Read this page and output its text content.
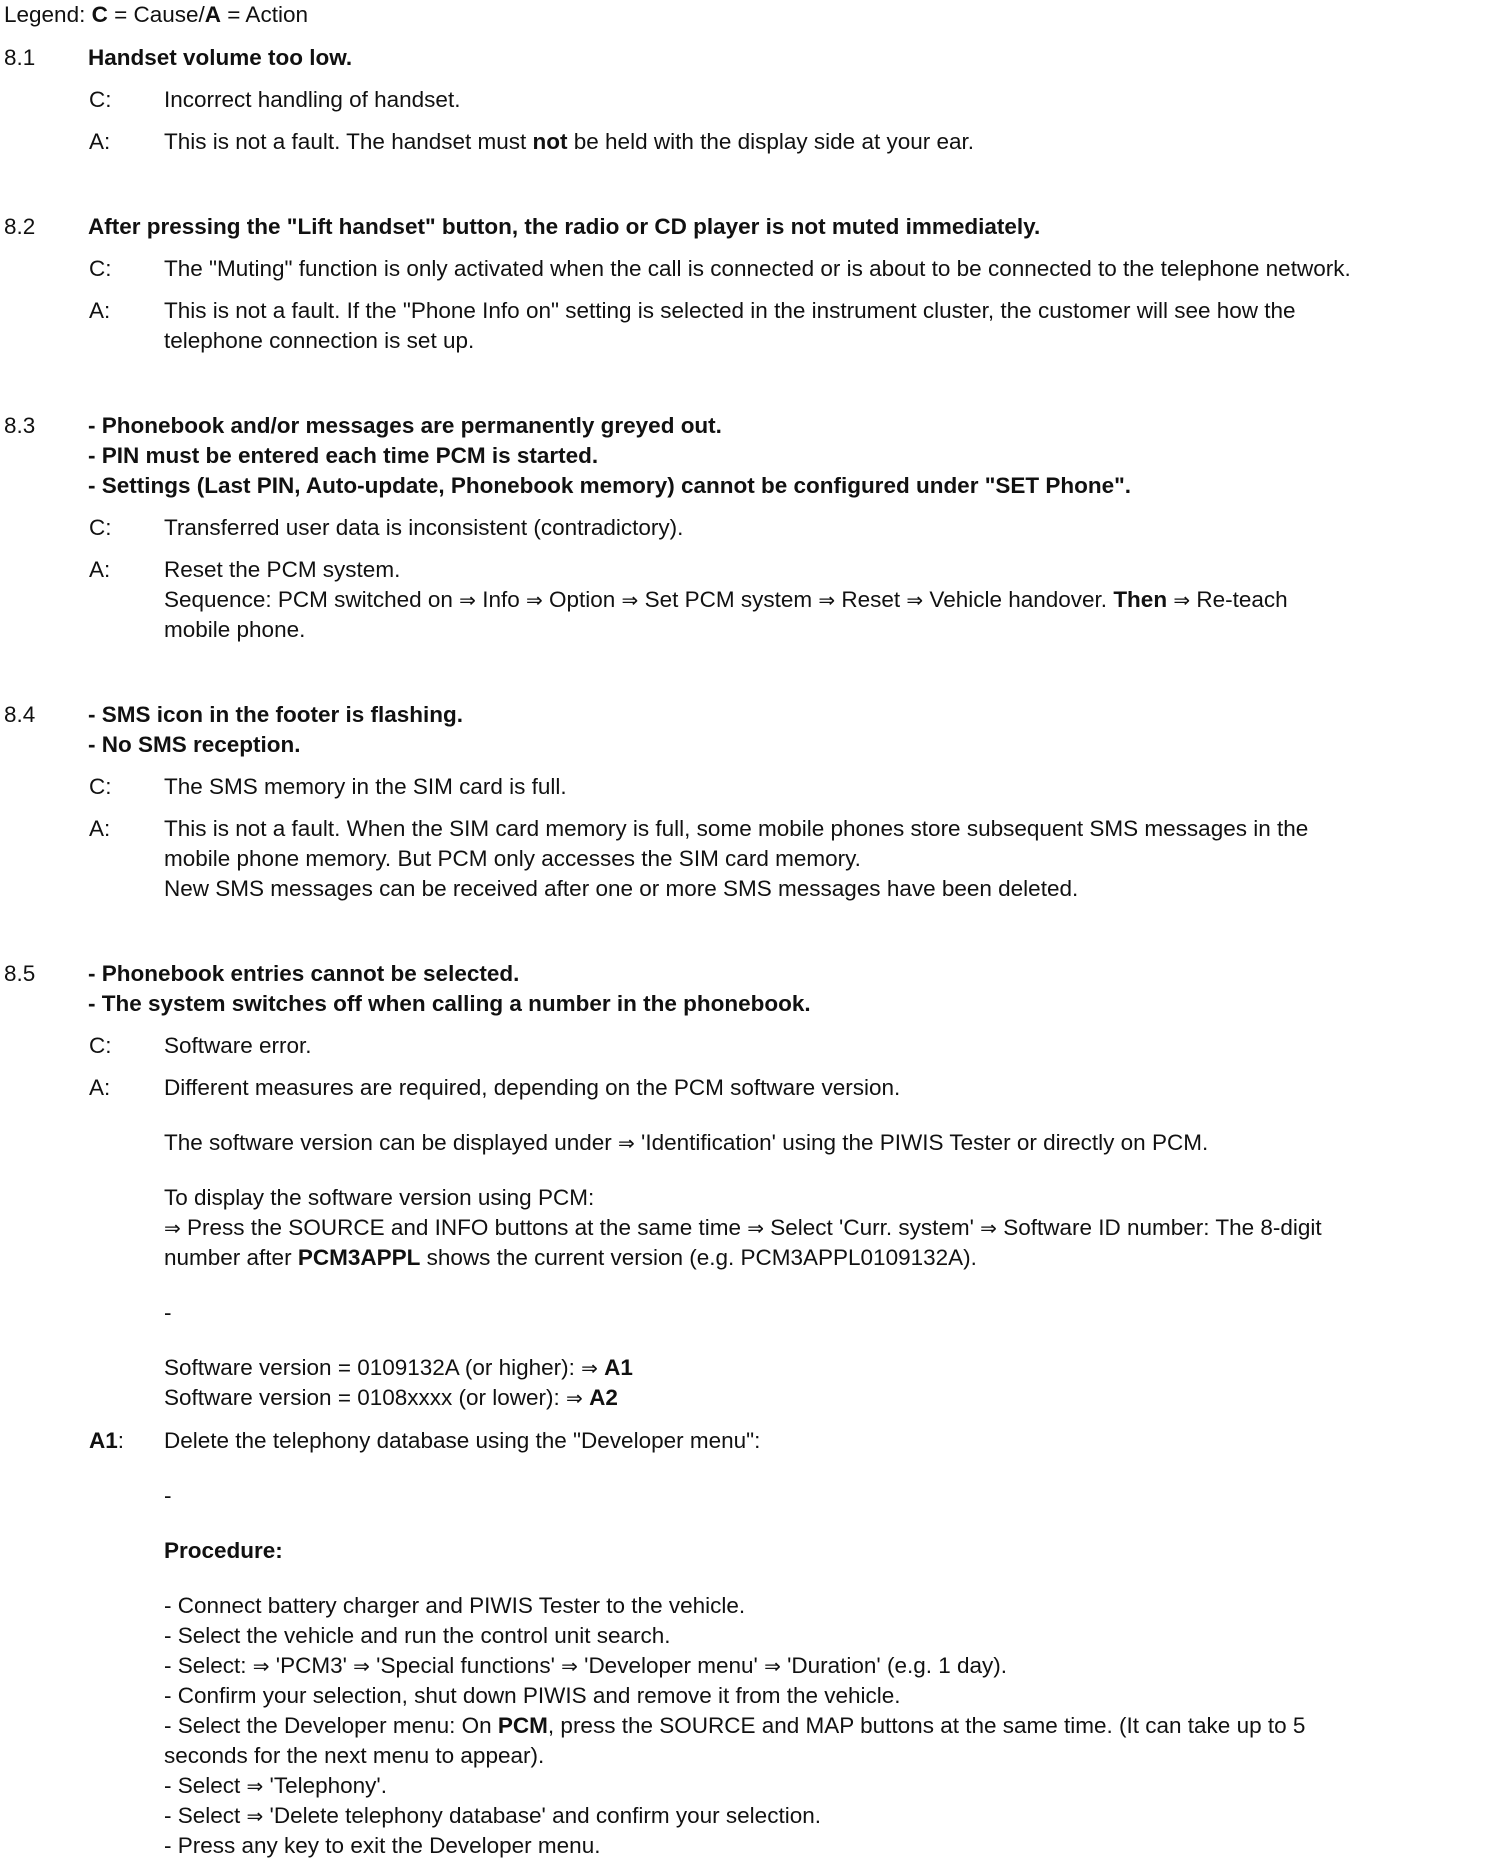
Legend: C = Cause/A = Action
8.1 Handset volume too low.
C: Incorrect handling of handset.
A: This is not a fault. The handset must not be held with the display side at your ear.
8.2 After pressing the "Lift handset" button, the radio or CD player is not muted immediately.
C: The "Muting" function is only activated when the call is connected or is about to be connected to the telephone network.
A: This is not a fault. If the "Phone Info on" setting is selected in the instrument cluster, the customer will see how the
telephone connection is set up.
8.3 - Phonebook and/or messages are permanently greyed out.
- PIN must be entered each time PCM is started.
- Settings (Last PIN, Auto-update, Phonebook memory) cannot be configured under "SET Phone".
C: Transferred user data is inconsistent (contradictory).
A: Reset the PCM system.
Sequence: PCM switched on ⇒ Info ⇒ Option ⇒ Set PCM system ⇒ Reset ⇒ Vehicle handover. Then ⇒ Re-teach
mobile phone.
8.4 - SMS icon in the footer is flashing.
- No SMS reception.
C: The SMS memory in the SIM card is full.
A: This is not a fault. When the SIM card memory is full, some mobile phones store subsequent SMS messages in the
mobile phone memory. But PCM only accesses the SIM card memory.
New SMS messages can be received after one or more SMS messages have been deleted.
8.5 - Phonebook entries cannot be selected.
- The system switches off when calling a number in the phonebook.
C: Software error.
A: Different measures are required, depending on the PCM software version.
The software version can be displayed under ⇒ 'Identification' using the PIWIS Tester or directly on PCM.
To display the software version using PCM:
⇒ Press the SOURCE and INFO buttons at the same time ⇒ Select 'Curr. system' ⇒ Software ID number: The 8-digit
number after PCM3APPL shows the current version (e.g. PCM3APPL0109132A).
-
Software version = 0109132A (or higher): ⇒ A1
Software version = 0108xxxx (or lower): ⇒ A2
A1: Delete the telephony database using the "Developer menu":
-
Procedure:
- Connect battery charger and PIWIS Tester to the vehicle.
- Select the vehicle and run the control unit search.
- Select: ⇒ 'PCM3' ⇒ 'Special functions' ⇒ 'Developer menu' ⇒ 'Duration' (e.g. 1 day).
- Confirm your selection, shut down PIWIS and remove it from the vehicle.
- Select the Developer menu: On PCM, press the SOURCE and MAP buttons at the same time. (It can take up to 5
seconds for the next menu to appear).
- Select ⇒ 'Telephony'.
- Select ⇒ 'Delete telephony database' and confirm your selection.
- Press any key to exit the Developer menu.
